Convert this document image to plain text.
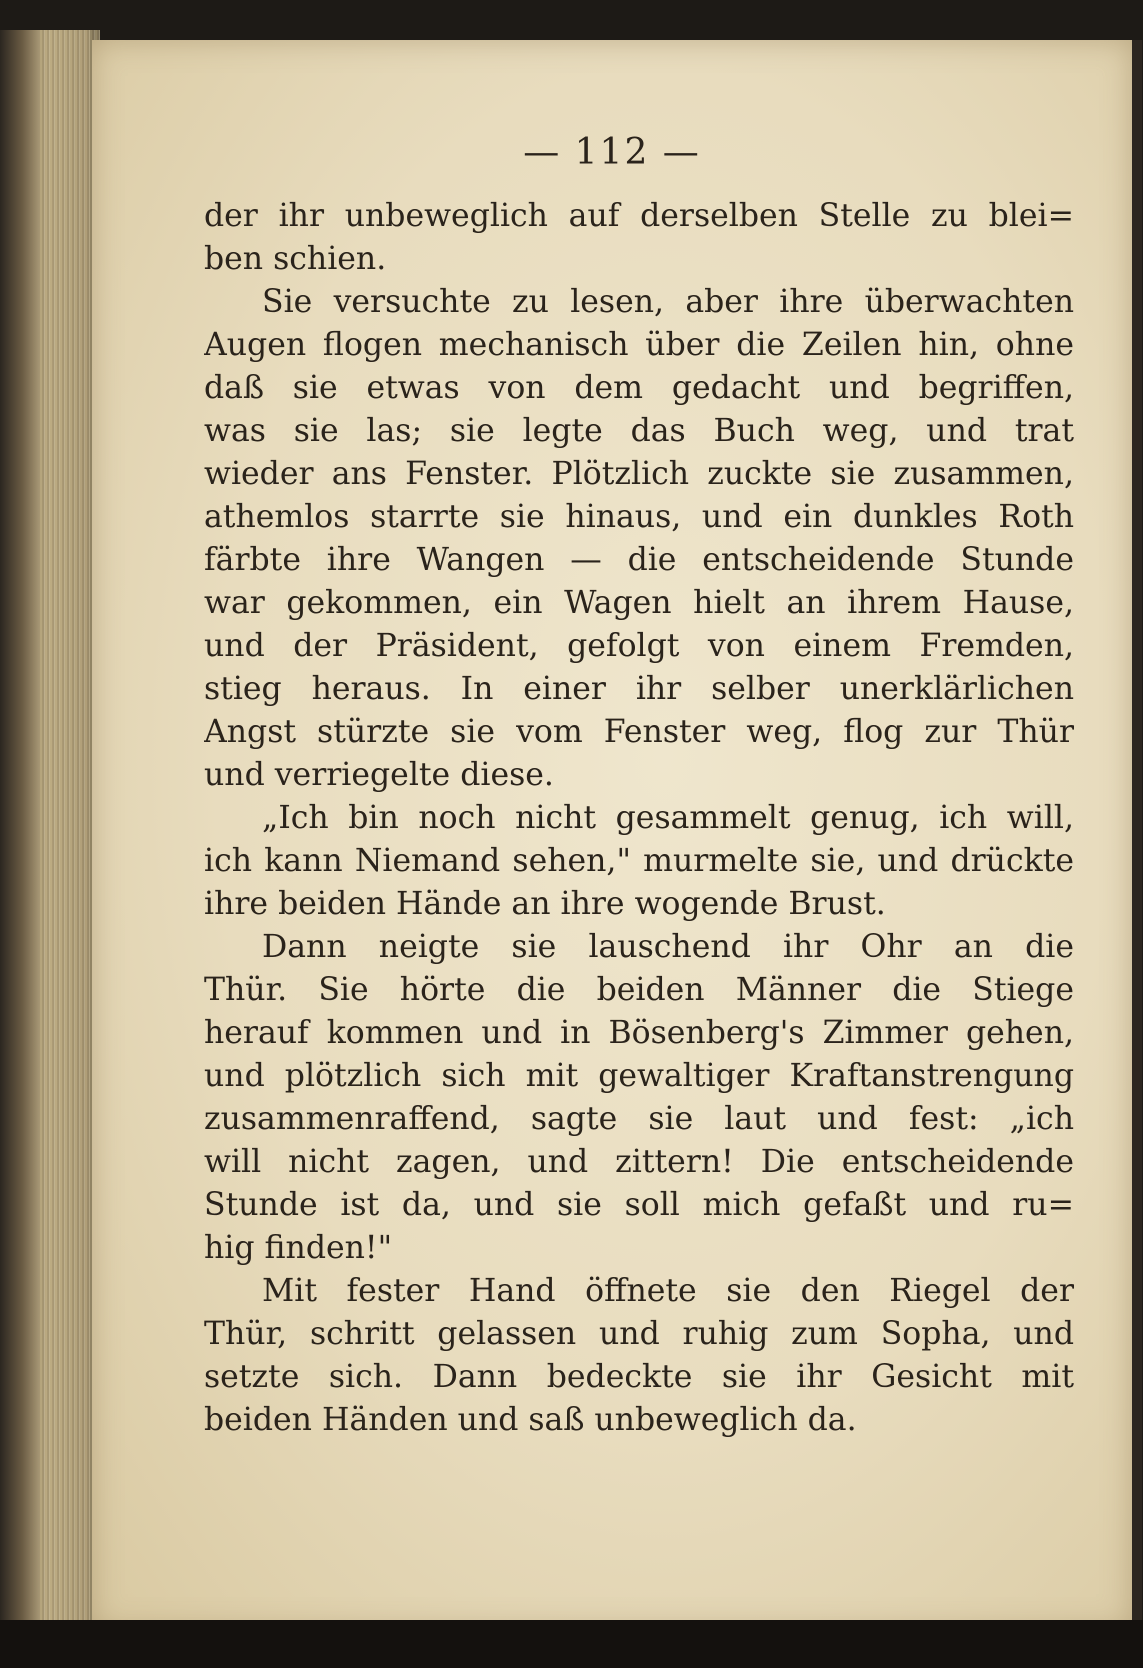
— 112 —
der ihr unbeweglich auf derselben Stelle zu blei=
ben schien.
Sie versuchte zu lesen, aber ihre überwachten
Augen flogen mechanisch über die Zeilen hin, ohne
daß sie etwas von dem gedacht und begriffen,
was sie las; sie legte das Buch weg, und trat
wieder ans Fenster. Plötzlich zuckte sie zusammen,
athemlos starrte sie hinaus, und ein dunkles Roth
färbte ihre Wangen — die entscheidende Stunde
war gekommen, ein Wagen hielt an ihrem Hause,
und der Präsident, gefolgt von einem Fremden,
stieg heraus. In einer ihr selber unerklärlichen
Angst stürzte sie vom Fenster weg, flog zur Thür
und verriegelte diese.
„Ich bin noch nicht gesammelt genug, ich will,
ich kann Niemand sehen," murmelte sie, und drückte
ihre beiden Hände an ihre wogende Brust.
Dann neigte sie lauschend ihr Ohr an die
Thür. Sie hörte die beiden Männer die Stiege
herauf kommen und in Bösenberg's Zimmer gehen,
und plötzlich sich mit gewaltiger Kraftanstrengung
zusammenraffend, sagte sie laut und fest: „ich
will nicht zagen, und zittern! Die entscheidende
Stunde ist da, und sie soll mich gefaßt und ru=
hig finden!"
Mit fester Hand öffnete sie den Riegel der
Thür, schritt gelassen und ruhig zum Sopha, und
setzte sich. Dann bedeckte sie ihr Gesicht mit
beiden Händen und saß unbeweglich da.
